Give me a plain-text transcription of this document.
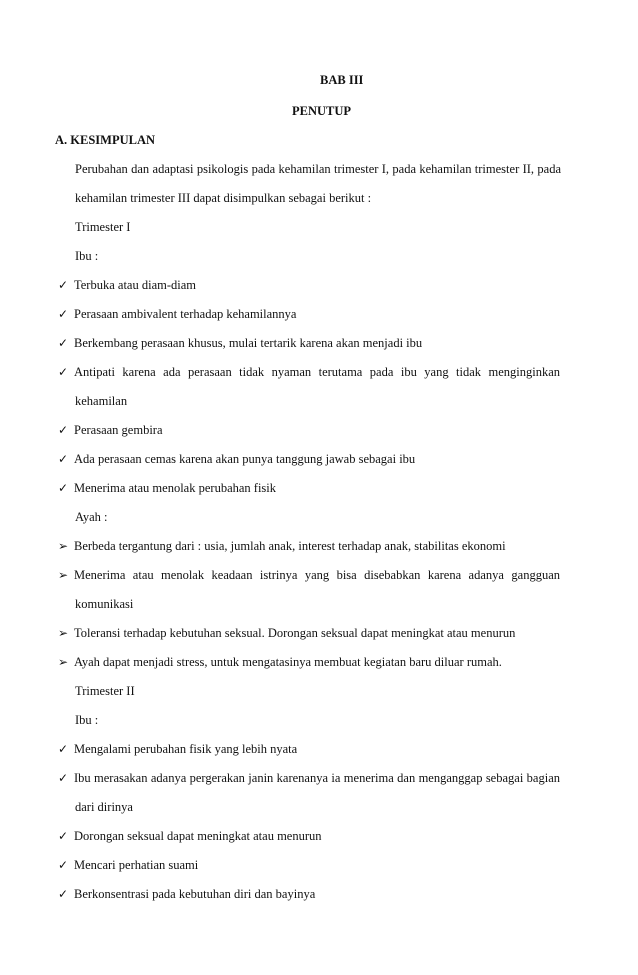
BAB III
PENUTUP
A. KESIMPULAN
Perubahan dan adaptasi psikologis pada kehamilan trimester I, pada kehamilan trimester II, pada
kehamilan trimester III dapat disimpulkan sebagai berikut :
Trimester I
Ibu :
✓ Terbuka atau diam-diam
✓ Perasaan ambivalent terhadap kehamilannya
✓ Berkembang perasaan khusus, mulai tertarik karena akan menjadi ibu
✓ Antipati karena ada perasaan tidak nyaman terutama pada ibu yang tidak menginginkan
kehamilan
✓ Perasaan gembira
✓ Ada perasaan cemas karena akan punya tanggung jawab sebagai ibu
✓ Menerima atau menolak perubahan fisik
Ayah :
➢ Berbeda tergantung dari : usia, jumlah anak, interest terhadap anak, stabilitas ekonomi
➢ Menerima atau menolak keadaan istrinya yang bisa disebabkan karena adanya gangguan
komunikasi
➢ Toleransi terhadap kebutuhan seksual. Dorongan seksual dapat meningkat atau menurun
➢ Ayah dapat menjadi stress, untuk mengatasinya membuat kegiatan baru diluar rumah.
Trimester II
Ibu :
✓ Mengalami perubahan fisik yang lebih nyata
✓ Ibu merasakan adanya pergerakan janin karenanya ia menerima dan menganggap sebagai bagian
dari dirinya
✓ Dorongan seksual dapat meningkat atau menurun
✓ Mencari perhatian suami
✓ Berkonsentrasi pada kebutuhan diri dan bayinya
